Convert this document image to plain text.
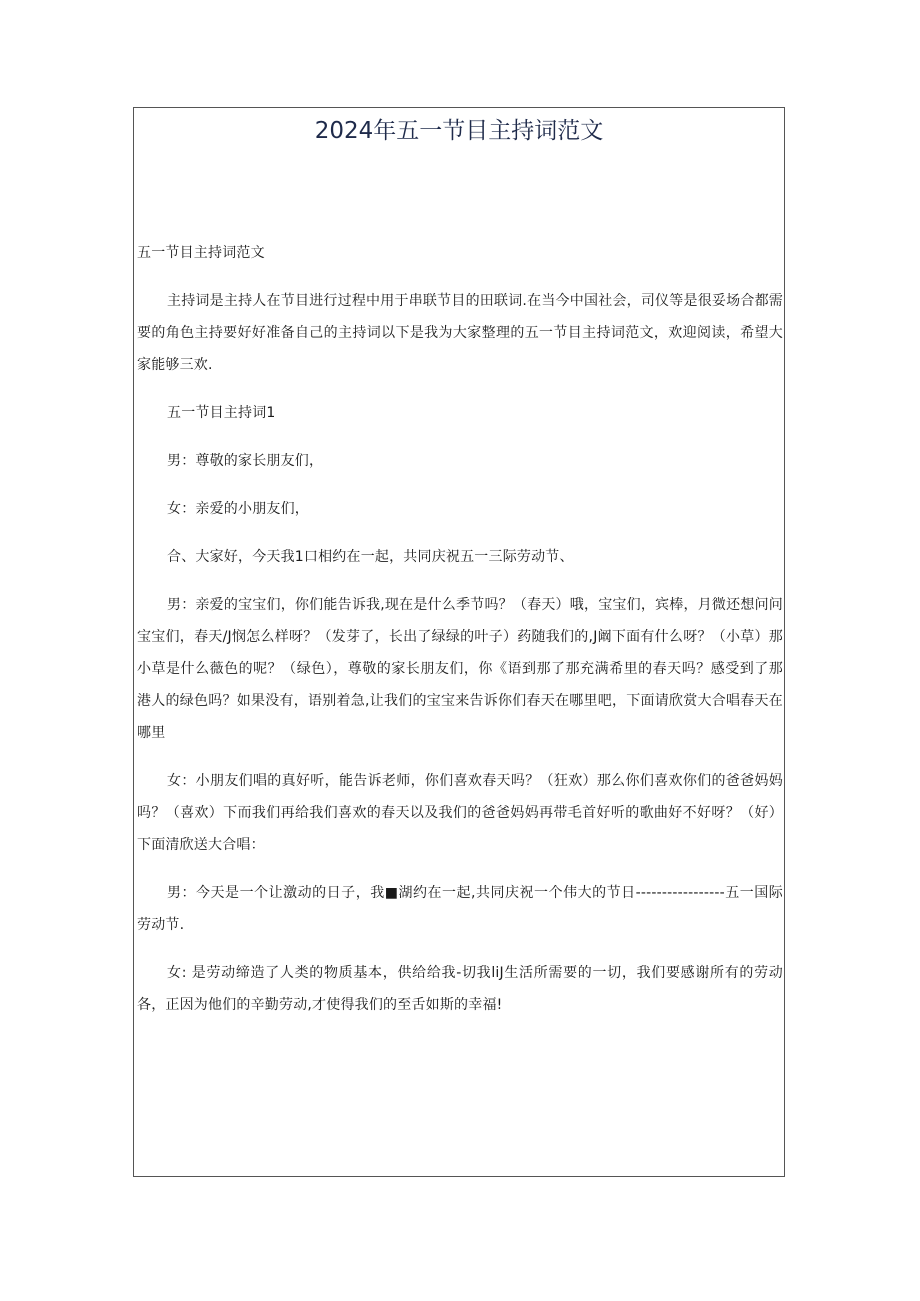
2024年五一节目主持词范文

五一节目主持词范文

主持词是主持人在节目进行过程中用于串联节目的田联词.在当今中国社会，司仪等是很妥场合都需要的角色主持要好好准备自己的主持词以下是我为大家整理的五一节目主持词范文，欢迎阅读，希望大家能够三欢.

五一节目主持词1

男：尊敬的家长朋友们，

女：亲爱的小朋友们，

合、大家好，今天我1口相约在一起，共同庆祝五一三际劳动节、

男：亲爱的宝宝们，你们能告诉我,现在是什么季节吗？（春天）哦，宝宝们，宾棒，月微还想问问宝宝们，春天/J悯怎么样呀？（发芽了，长出了绿绿的叶子）药随我们的,J阚下面有什么呀？（小草）那小草是什么薇色的呢？（绿色），尊敬的家长朋友们，你《语到那了那充满希里的春天吗？感受到了那港人的绿色吗？如果没有，语别着急,让我们的宝宝来告诉你们春天在哪里吧，下面请欣赏大合唱春天在哪里

女：小朋友们唱的真好听，能告诉老师，你们喜欢春天吗？（狂欢）那么你们喜欢你们的爸爸妈妈吗？（喜欢）下而我们再给我们喜欢的春天以及我们的爸爸妈妈再带毛首好听的歌曲好不好呀？（好）下面清欣送大合唱：

男：今天是一个让激动的日子，我■湖约在一起,共同庆祝一个伟大的节日-----------------五一国际劳动节.

女: 是劳动缔造了人类的物质基本，供给给我-切我liJ生活所需要的一切，我们要感谢所有的劳动各，正因为他们的辛勤劳动,才使得我们的至舌如斯的幸福!
